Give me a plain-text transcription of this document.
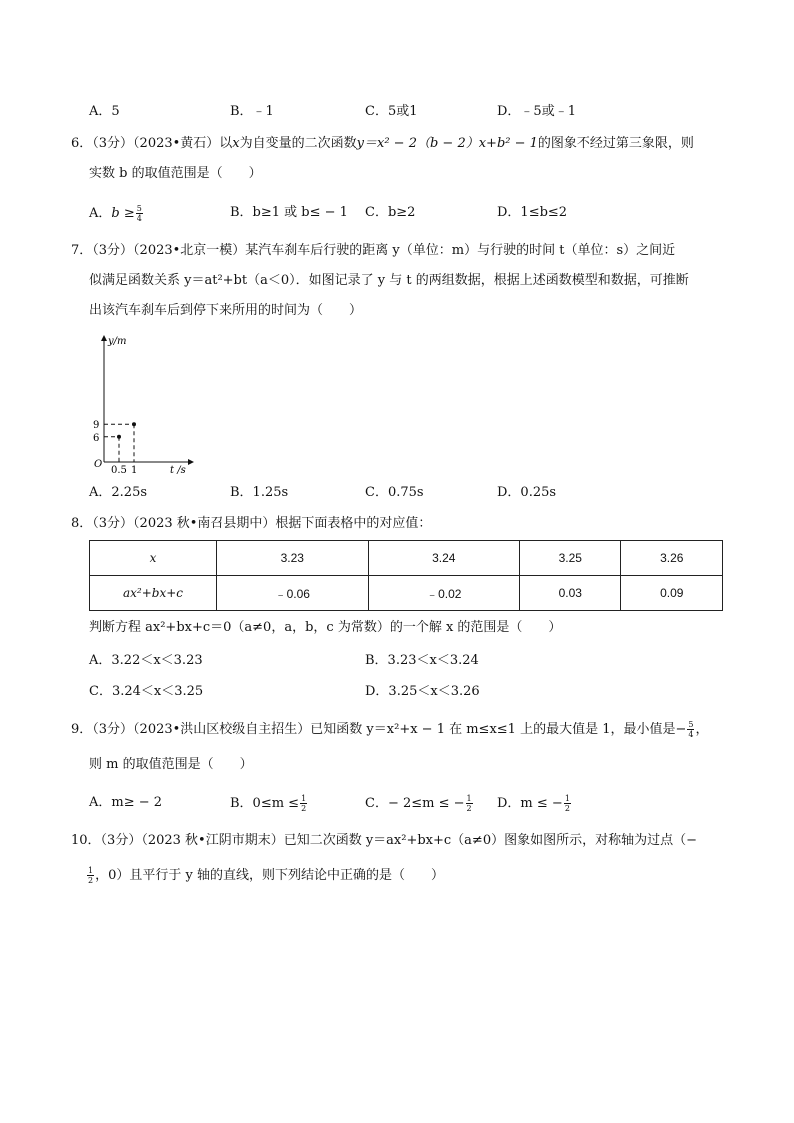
A．5	B．﹣1	C．5或1	D．﹣5或﹣1
6．（3分）（2023•黄石）以x为自变量的二次函数y＝x² − 2（b − 2）x+b² − 1的图象不经过第三象限，则
实数 b 的取值范围是（　　）
A．$b \ge \frac{5}{4}$	B．b≥1 或 b≤ − 1 C．b≥2	D．1≤b≤2
7．（3分）（2023•北京一模）某汽车刹车后行驶的距离 y（单位：m）与行驶的时间 t（单位：s）之间近
似满足函数关系 y＝at²+bt（a＜0）．如图记录了 y 与 t 的两组数据，根据上述函数模型和数据，可推断
出该汽车刹车后到停下来所用的时间为（　　）
y/m
O
t /s
6
0.5
9
1
A．2.25s	B．1.25s	C．0.75s	D．0.25s
8．（3分）（2023 秋•南召县期中）根据下面表格中的对应值：
x	3.23	3.24	3.25	3.26
ax²+bx+c	﹣0.06	﹣0.02	0.03	0.09
判断方程 ax²+bx+c＝0（a≠0，a，b，c 为常数）的一个解 x 的范围是（　　）
A．3.22＜x＜3.23	B．3.23＜x＜3.24
C．3.24＜x＜3.25	D．3.25＜x＜3.26
9．（3分）（2023•洪山区校级自主招生）已知函数 y＝x²+x − 1 在 m≤x≤1 上的最大值是 1，最小值是− $\frac{5}{4}$ ，
则 m 的取值范围是（　　）
A．m≥ − 2	B．$0\le m \le \frac{1}{2}$	C．− 2≤m ≤ − $\frac{1}{2}$ D．m ≤ − $\frac{1}{2}$
10．（3分）（2023 秋•江阴市期末）已知二次函数 y＝ax²+bx+c（a≠0）图象如图所示，对称轴为过点（−
$\frac{1}{2}$ ，0）且平行于 y 轴的直线，则下列结论中正确的是（　　）
